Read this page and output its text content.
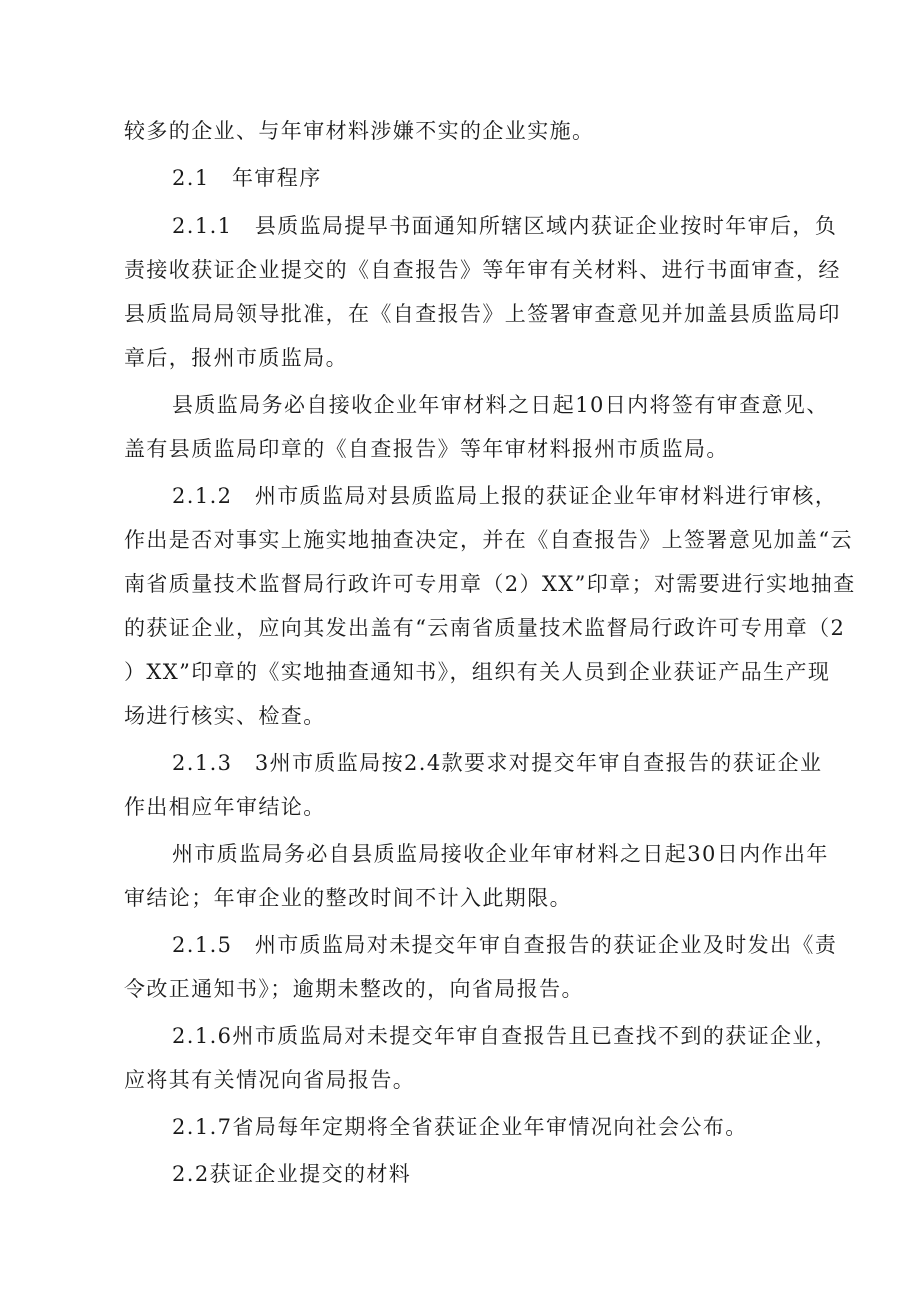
较多的企业、与年审材料涉嫌不实的企业实施。
2.1　年审程序
2.1.1　县质监局提早书面通知所辖区域内获证企业按时年审后，负
责接收获证企业提交的《自查报告》等年审有关材料、进行书面审查，经
县质监局局领导批准，在《自查报告》上签署审查意见并加盖县质监局印
章后，报州市质监局。
县质监局务必自接收企业年审材料之日起10日内将签有审查意见、
盖有县质监局印章的《自查报告》等年审材料报州市质监局。
2.1.2　州市质监局对县质监局上报的获证企业年审材料进行审核，
作出是否对事实上施实地抽查决定，并在《自查报告》上签署意见加盖“云
南省质量技术监督局行政许可专用章（2）XX”印章；对需要进行实地抽查
的获证企业，应向其发出盖有“云南省质量技术监督局行政许可专用章（2
）XX”印章的《实地抽查通知书》，组织有关人员到企业获证产品生产现
场进行核实、检查。
2.1.3　3州市质监局按2.4款要求对提交年审自查报告的获证企业
作出相应年审结论。
州市质监局务必自县质监局接收企业年审材料之日起30日内作出年
审结论；年审企业的整改时间不计入此期限。
2.1.5　州市质监局对未提交年审自查报告的获证企业及时发出《责
令改正通知书》；逾期未整改的，向省局报告。
2.1.6州市质监局对未提交年审自查报告且已查找不到的获证企业，
应将其有关情况向省局报告。
2.1.7省局每年定期将全省获证企业年审情况向社会公布。
2.2获证企业提交的材料
